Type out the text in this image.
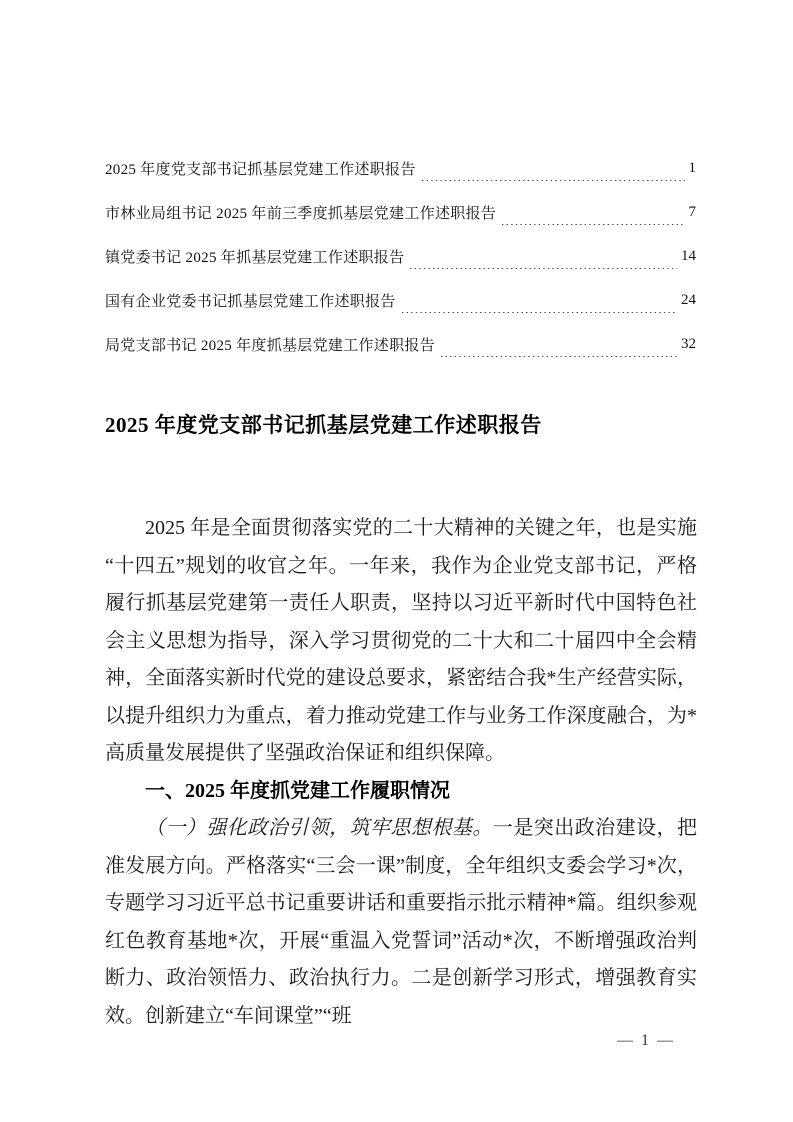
2025 年度党支部书记抓基层党建工作述职报告	1
市林业局组书记 2025 年前三季度抓基层党建工作述职报告	7
镇党委书记 2025 年抓基层党建工作述职报告	14
国有企业党委书记抓基层党建工作述职报告	24
局党支部书记 2025 年度抓基层党建工作述职报告	32
2025 年度党支部书记抓基层党建工作述职报告

2025 年是全面贯彻落实党的二十大精神的关键之年，也是实施“十四五”规划的收官之年。一年来，我作为企业党支部书记，严格履行抓基层党建第一责任人职责，坚持以习近平新时代中国特色社会主义思想为指导，深入学习贯彻党的二十大和二十届四中全会精神，全面落实新时代党的建设总要求，紧密结合我*生产经营实际，以提升组织力为重点，着力推动党建工作与业务工作深度融合，为*高质量发展提供了坚强政治保证和组织保障。

一、2025 年度抓党建工作履职情况

（一）强化政治引领，筑牢思想根基。一是突出政治建设，把准发展方向。严格落实“三会一课”制度，全年组织支委会学习*次，专题学习习近平总书记重要讲话和重要指示批示精神*篇。组织参观红色教育基地*次，开展“重温入党誓词”活动*次，不断增强政治判断力、政治领悟力、政治执行力。二是创新学习形式，增强教育实效。创新建立“车间课堂”“班

— 1 —
